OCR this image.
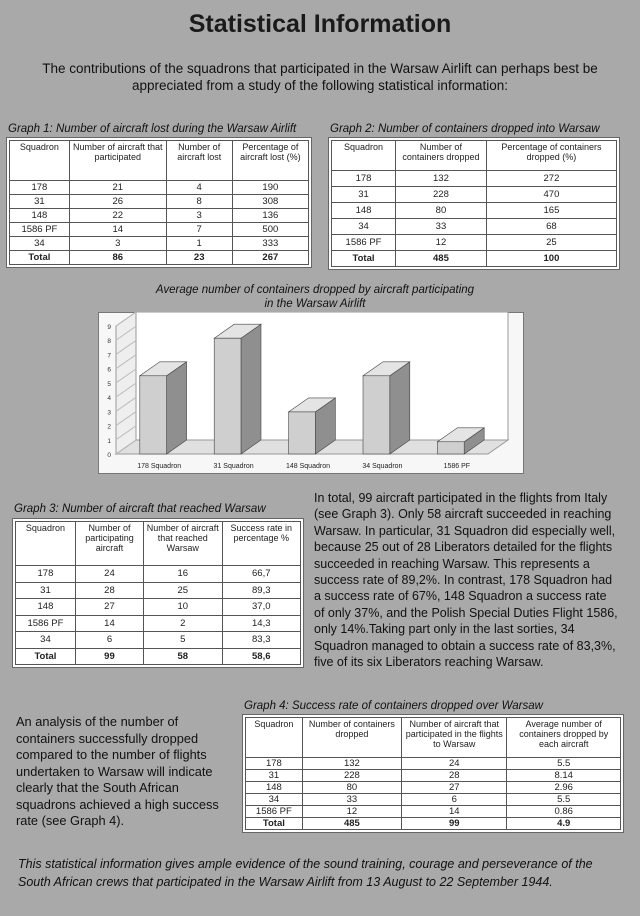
Statistical Information
The contributions of the squadrons that participated in the Warsaw Airlift can perhaps best be appreciated from a study of the following statistical information:
Graph 1: Number of aircraft lost during the Warsaw Airlift
Squadron	Number of aircraft that participated	Number of aircraft lost	Percentage of aircraft lost (%)
178	21	4	190
31	26	8	308
148	22	3	136
1586 PF	14	7	500
34	3	1	333
Total	86	23	267
Graph 2: Number of containers dropped into Warsaw
Squadron	Number of containers dropped	Percentage of containers dropped (%)
178	132	272
31	228	470
148	80	165
34	33	68
1586 PF	12	25
Total	485	100
Average number of containers dropped by aircraft participating in the Warsaw Airlift
0
1
2
3
4
5
6
7
8
9
178 Squadron	31 Squadron	148 Squadron	34 Squadron	1586 PF
Graph 3: Number of aircraft that reached Warsaw
Squadron	Number of participating aircraft	Number of aircraft that reached Warsaw	Success rate in percentage %
178	24	16	66,7
31	28	25	89,3
148	27	10	37,0
1586 PF	14	2	14,3
34	6	5	83,3
Total	99	58	58,6
In total, 99 aircraft participated in the flights from Italy (see Graph 3). Only 58 aircraft succeeded in reaching Warsaw. In particular, 31 Squadron did especially well, because 25 out of 28 Liberators detailed for the flights succeeded in reaching Warsaw. This represents a success rate of 89,2%. In contrast, 178 Squadron had a success rate of 67%, 148 Squadron a success rate of only 37%, and the Polish Special Duties Flight 1586, only 14%.Taking part only in the last sorties, 34 Squadron managed to obtain a success rate of 83,3%, five of its six Liberators reaching Warsaw.
An analysis of the number of containers successfully dropped compared to the number of flights undertaken to Warsaw will indicate clearly that the South African squadrons achieved a high success rate (see Graph 4).
Graph 4: Success rate of containers dropped over Warsaw
Squadron	Number of containers dropped	Number of aircraft that participated in the flights to Warsaw	Average number of containers dropped by each aircraft
178	132	24	5.5
31	228	28	8.14
148	80	27	2.96
34	33	6	5.5
1586 PF	12	14	0.86
Total	485	99	4.9
This statistical information gives ample evidence of the sound training, courage and perseverance of the South African crews that participated in the Warsaw Airlift from 13 August to 22 September 1944.
